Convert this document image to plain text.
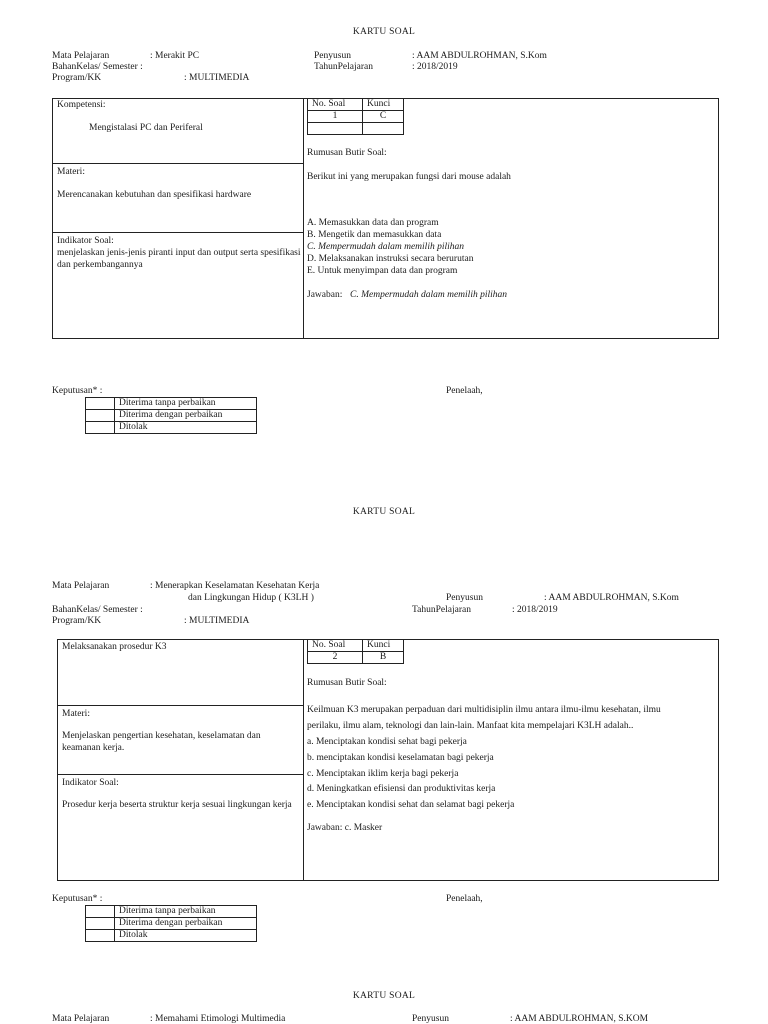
KARTU SOAL
Mata Pelajaran	: Merakit PC
BahanKelas/ Semester :
Program/KK	: MULTIMEDIA
Penyusun	: AAM ABDULROHMAN, S.Kom
TahunPelajaran	: 2018/2019
Kompetensi:
Mengistalasi PC dan Periferal
Materi:
Merencanakan kebutuhan dan spesifikasi hardware
Indikator Soal:
menjelaskan jenis-jenis piranti input dan output serta spesifikasi dan perkembangannya
No. Soal	Kunci
1	C

Rumusan Butir Soal:
Berikut ini yang merupakan fungsi dari mouse adalah
A. Memasukkan data dan program
B. Mengetik dan memasukkan data
C. Mempermudah dalam memilih pilihan
D. Melaksanakan instruksi secara berurutan
E. Untuk menyimpan data dan program
Jawaban: C. Mempermudah dalam memilih pilihan
Keputusan* :	Penelaah,
	Diterima tanpa perbaikan
	Diterima dengan perbaikan
	Ditolak
KARTU SOAL
Mata Pelajaran	: Menerapkan Keselamatan Kesehatan Kerja
dan Lingkungan Hidup ( K3LH )
BahanKelas/ Semester :
Program/KK	: MULTIMEDIA
Penyusun	: AAM ABDULROHMAN, S.Kom
TahunPelajaran	: 2018/2019
Melaksanakan prosedur K3
Materi:
Menjelaskan pengertian kesehatan, keselamatan dan keamanan kerja.
Indikator Soal:
Prosedur kerja beserta struktur kerja sesuai lingkungan kerja
No. Soal	Kunci
2	B
Rumusan Butir Soal:
Keilmuan K3 merupakan perpaduan dari multidisiplin ilmu antara ilmu-ilmu kesehatan, ilmu
perilaku, ilmu alam, teknologi dan lain-lain. Manfaat kita mempelajari K3LH adalah..
a. Menciptakan kondisi sehat bagi pekerja
b. menciptakan kondisi keselamatan bagi pekerja
c. Menciptakan iklim kerja bagi pekerja
d. Meningkatkan efisiensi dan produktivitas kerja
e. Menciptakan kondisi sehat dan selamat bagi pekerja
Jawaban: c. Masker
Keputusan* :	Penelaah,
	Diterima tanpa perbaikan
	Diterima dengan perbaikan
	Ditolak
KARTU SOAL
Mata Pelajaran	: Memahami Etimologi Multimedia	Penyusun	: AAM ABDULROHMAN, S.KOM
